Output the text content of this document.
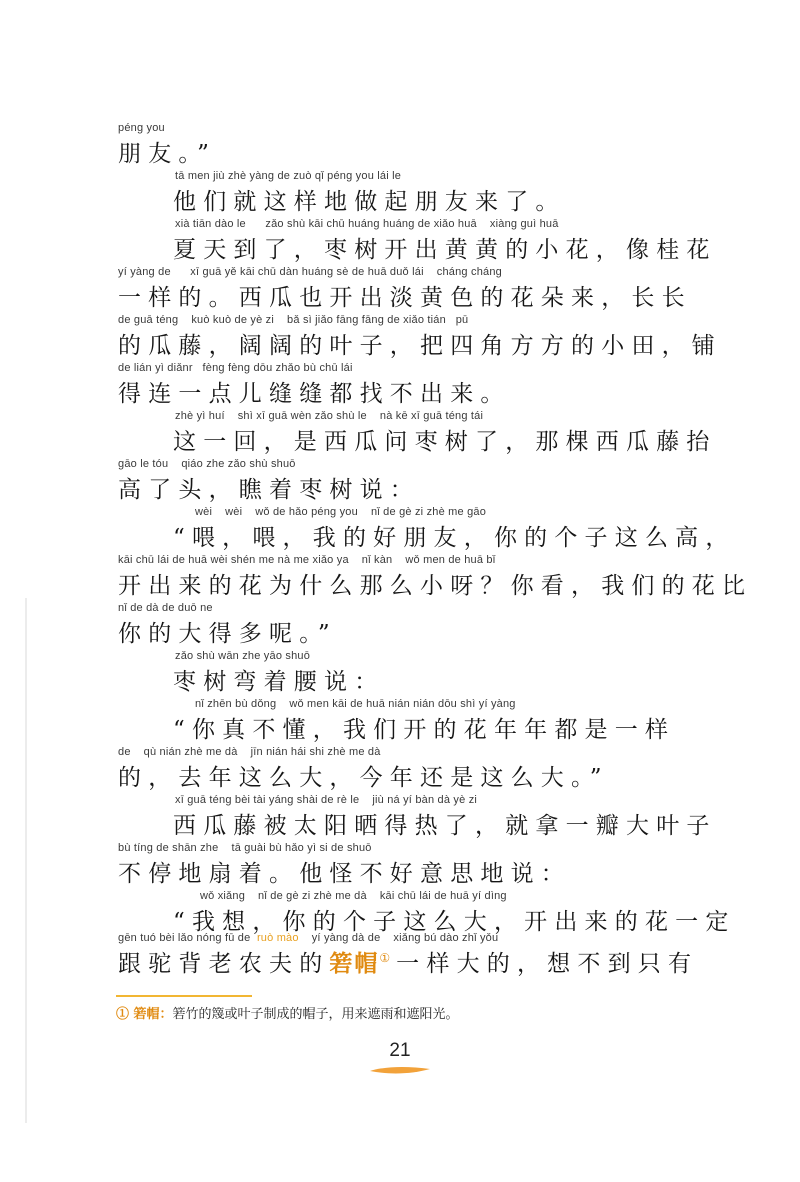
péng you
朋友。”
tā men jiù zhè yàng de zuò qǐ péng you lái le
他们就这样地做起朋友来了。
xià tiān dào le      zǎo shù kāi chū huáng huáng de xiǎo huā    xiàng guì huā
夏天到了，枣树开出黄黄的小花，像桂花
yí yàng de      xī guā yě kāi chū dàn huáng sè de huā duǒ lái    cháng cháng
一样的。西瓜也开出淡黄色的花朵来，长长
de guā téng    kuò kuò de yè zi    bǎ sì jiǎo fāng fāng de xiǎo tián   pū
的瓜藤，阔阔的叶子，把四角方方的小田，铺
de lián yì diǎnr   fèng fèng dōu zhǎo bù chū lái
得连一点儿缝缝都找不出来。
zhè yì huí    shì xī guā wèn zǎo shù le    nà kē xī guā téng tái
这一回，是西瓜问枣树了，那棵西瓜藤抬
gāo le tóu    qiáo zhe zǎo shù shuō
高了头，瞧着枣树说：
wèi    wèi    wǒ de hǎo péng you    nǐ de gè zi zhè me gāo
“喂，喂，我的好朋友，你的个子这么高，
kāi chū lái de huā wèi shén me nà me xiǎo ya    nǐ kàn    wǒ men de huā bǐ
开出来的花为什么那么小呀？你看，我们的花比
nǐ de dà de duō ne
你的大得多呢。”
zǎo shù wān zhe yāo shuō
枣树弯着腰说：
nǐ zhēn bù dǒng    wǒ men kāi de huā nián nián dōu shì yí yàng
“你真不懂，我们开的花年年都是一样
de    qù nián zhè me dà    jīn nián hái shi zhè me dà
的，去年这么大，今年还是这么大。”
xī guā téng bèi tài yáng shài de rè le    jiù ná yí bàn dà yè zi
西瓜藤被太阳晒得热了，就拿一瓣大叶子
bù tíng de shān zhe    tā guài bù hǎo yì si de shuō
不停地扇着。他怪不好意思地说：
wǒ xiǎng    nǐ de gè zi zhè me dà    kāi chū lái de huā yí dìng
“我想，你的个子这么大，开出来的花一定
gēn tuó bèi lǎo nóng fū de ruò mào yí yàng dà de    xiǎng bú dào zhǐ yǒu
跟驼背老农夫的箬帽① 一样大的，想不到只有
① 箬帽：箬竹的篾或叶子制成的帽子，用来遮雨和遮阳光。
21
